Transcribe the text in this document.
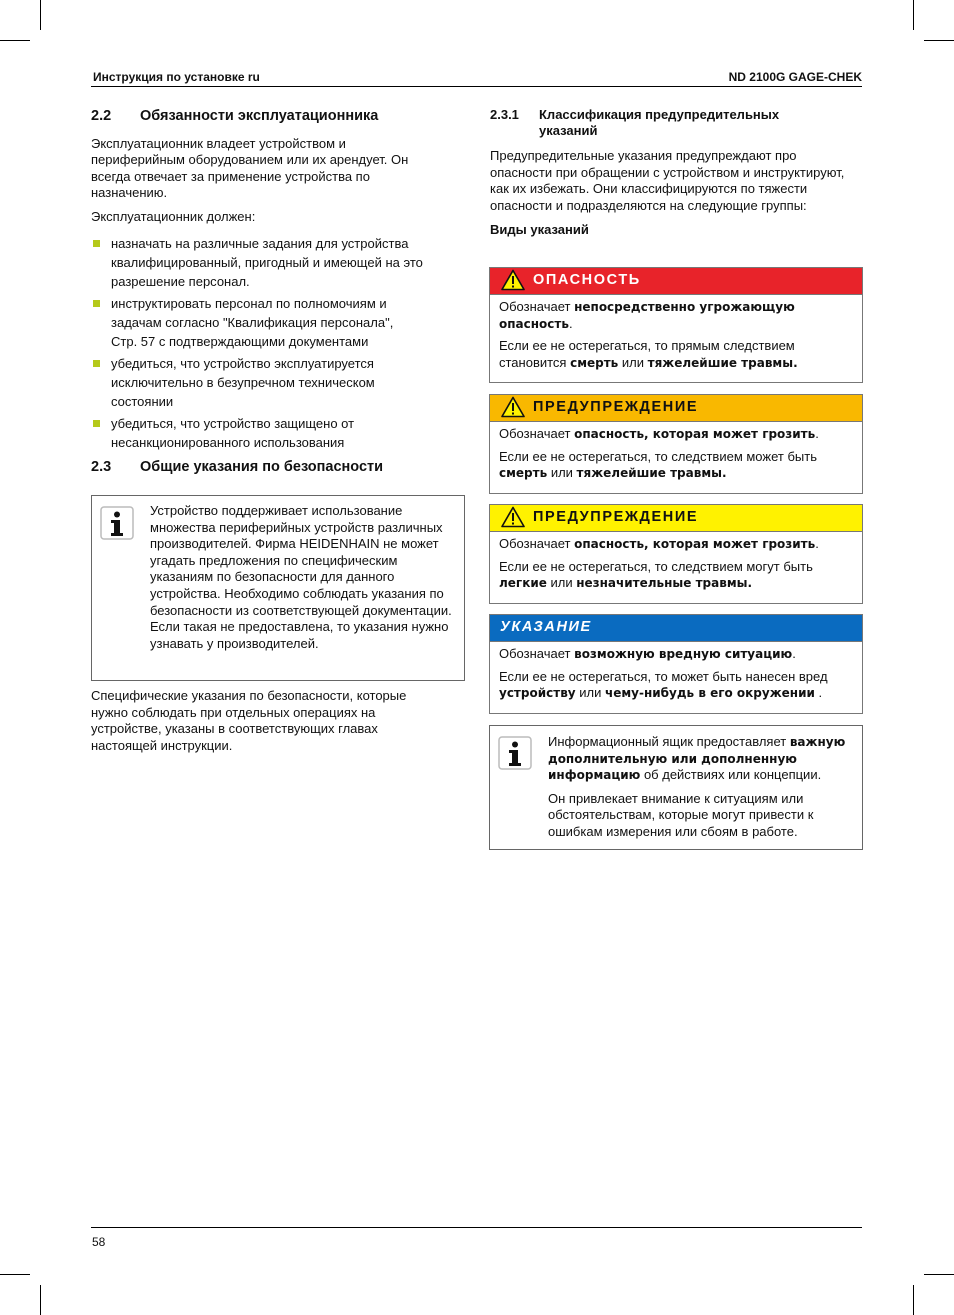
Инструкция по установке ru	ND 2100G GAGE-CHEK
2.2 Обязанности эксплуатационника

Эксплуатационник владеет устройством и периферийным оборудованием или их арендует. Он всегда отвечает за применение устройства по назначению.

Эксплуатационник должен:

назначать на различные задания для устройства квалифицированный, пригодный и имеющей на это разрешение персонал.
инструктировать персонал по полномочиям и задачам согласно "Квалификация персонала", Стр. 57 с подтверждающими документами
убедиться, что устройство эксплуатируется исключительно в безупречном техническом состоянии
убедиться, что устройство защищено от несанкционированного использования
2.3 Общие указания по безопасности
Устройство поддерживает использование множества периферийных устройств различных производителей. Фирма HEIDENHAIN не может угадать предложения по специфическим указаниям по безопасности для данного устройства. Необходимо соблюдать указания по безопасности из соответствующей документации. Если такая не предоставлена, то указания нужно узнавать у производителей.

Специфические указания по безопасности, которые нужно соблюдать при отдельных операциях на устройстве, указаны в соответствующих главах настоящей инструкции.

2.3.1 Классификация предупредительных указаний

Предупредительные указания предупреждают про опасности при обращении с устройством и инструктируют, как их избежать. Они классифицируются по тяжести опасности и подразделяются на следующие группы:

Виды указаний

ОПАСНОСТЬ

Обозначает непосредственно угрожающую опасность.

Если ее не остерегаться, то прямым следствием становится смерть или тяжелейшие травмы.

ПРЕДУПРЕЖДЕНИЕ

Обозначает опасность, которая может грозить.

Если ее не остерегаться, то следствием может быть смерть или тяжелейшие травмы.

ПРЕДУПРЕЖДЕНИЕ

Обозначает опасность, которая может грозить.

Если ее не остерегаться, то следствием могут быть легкие или незначительные травмы.

УКАЗАНИЕ

Обозначает возможную вредную ситуацию.

Если ее не остерегаться, то может быть нанесен вред устройству или чему-нибудь в его окружении .

Информационный ящик предоставляет важную дополнительную или дополненную информацию об действиях или концепции.

Он привлекает внимание к ситуациям или обстоятельствам, которые могут привести к ошибкам измерения или сбоям в работе.

58
